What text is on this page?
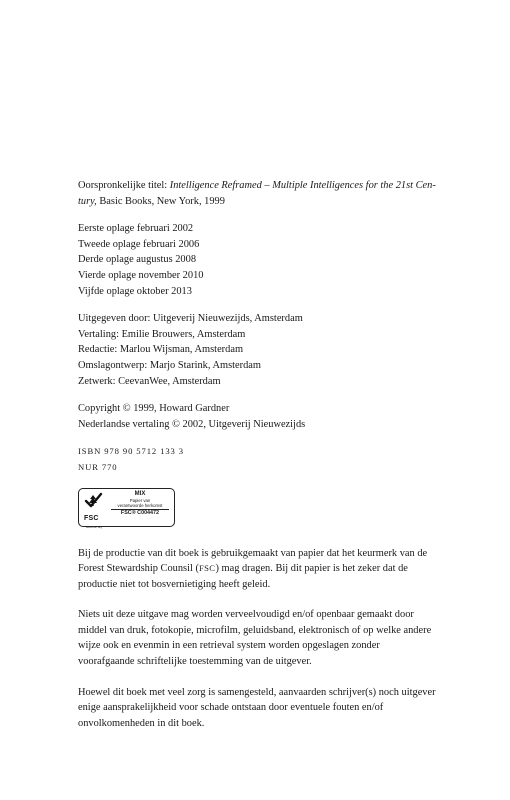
Oorspronkelijke titel: Intelligence Reframed – Multiple Intelligences for the 21st Cen-
tury, Basic Books, New York, 1999
Eerste oplage februari 2002
Tweede oplage februari 2006
Derde oplage augustus 2008
Vierde oplage november 2010
Vijfde oplage oktober 2013
Uitgegeven door: Uitgeverij Nieuwezijds, Amsterdam
Vertaling: Emilie Brouwers, Amsterdam
Redactie: Marlou Wijsman, Amsterdam
Omslagontwerp: Marjo Starink, Amsterdam
Zetwerk: CeevanWee, Amsterdam
Copyright © 1999, Howard Gardner
Nederlandse vertaling © 2002, Uitgeverij Nieuwezijds
ISBN 978 90 5712 133 3
NUR 770
FSC
www.fsc.org
MIX
Papier van
verantwoorde herkomst
FSC® C004472

Bij de productie van dit boek is gebruikgemaakt van papier dat het keurmerk van de Forest Stewardship Counsil (FSC) mag dragen. Bij dit papier is het zeker dat de productie niet tot bosvernietiging heeft geleid.

Niets uit deze uitgave mag worden verveelvoudigd en/of openbaar gemaakt door middel van druk, fotokopie, microfilm, geluidsband, elektronisch of op welke andere wijze ook en evenmin in een retrieval system worden opgeslagen zonder voorafgaande schriftelijke toestemming van de uitgever.

Hoewel dit boek met veel zorg is samengesteld, aanvaarden schrijver(s) noch uitgever enige aansprakelijkheid voor schade ontstaan door eventuele fouten en/of onvolkomenheden in dit boek.
